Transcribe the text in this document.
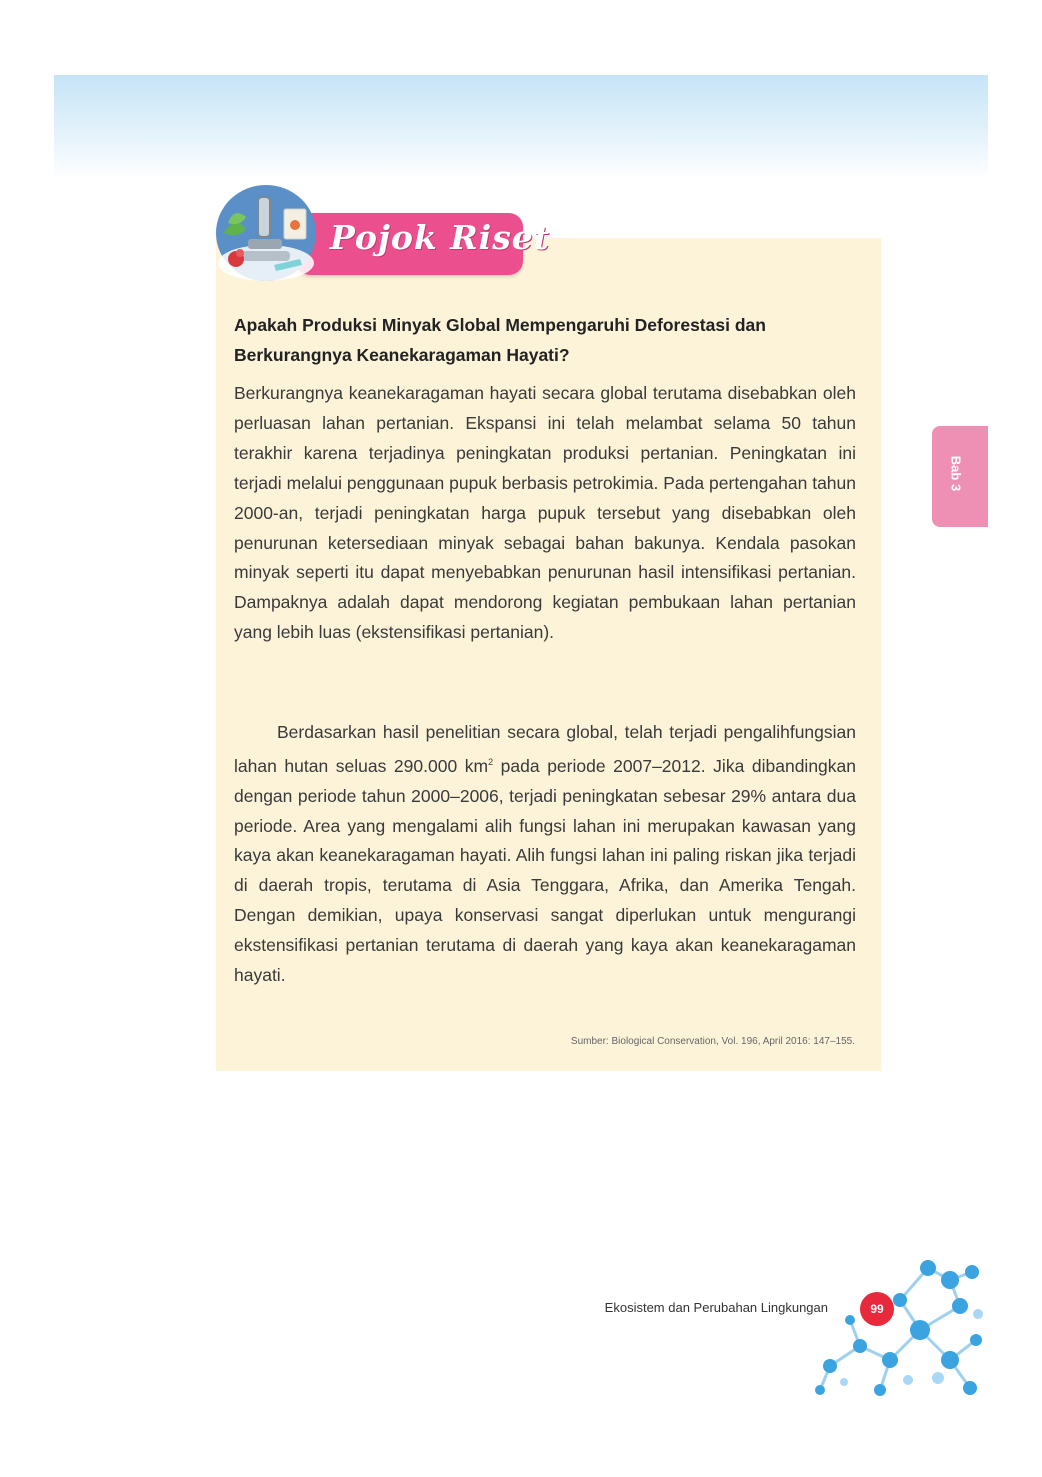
Pojok Riset
Apakah Produksi Minyak Global Mempengaruhi Deforestasi dan Berkurangnya Keanekaragaman Hayati?

Berkurangnya keanekaragaman hayati secara global terutama disebabkan oleh perluasan lahan pertanian. Ekspansi ini telah melambat selama 50 tahun terakhir karena terjadinya peningkatan produksi pertanian. Peningkatan ini terjadi melalui penggunaan pupuk berbasis petrokimia. Pada pertengahan tahun 2000-an, terjadi peningkatan harga pupuk tersebut yang disebabkan oleh penurunan ketersediaan minyak sebagai bahan bakunya. Kendala pasokan minyak seperti itu dapat menyebabkan penurunan hasil intensifikasi pertanian. Dampaknya adalah dapat mendorong kegiatan pembukaan lahan pertanian yang lebih luas (ekstensifikasi pertanian).

Berdasarkan hasil penelitian secara global, telah terjadi pengalihfungsian lahan hutan seluas 290.000 $km^2$ pada periode 2007–2012. Jika dibandingkan dengan periode tahun 2000–2006, terjadi peningkatan sebesar 29% antara dua periode. Area yang mengalami alih fungsi lahan ini merupakan kawasan yang kaya akan keanekaragaman hayati. Alih fungsi lahan ini paling riskan jika terjadi di daerah tropis, terutama di Asia Tenggara, Afrika, dan Amerika Tengah. Dengan demikian, upaya konservasi sangat diperlukan untuk mengurangi ekstensifikasi pertanian terutama di daerah yang kaya akan keanekaragaman hayati.

Sumber: Biological Conservation, Vol. 196, April 2016: 147–155.
Bab 3
Ekosistem dan Perubahan Lingkungan	99
